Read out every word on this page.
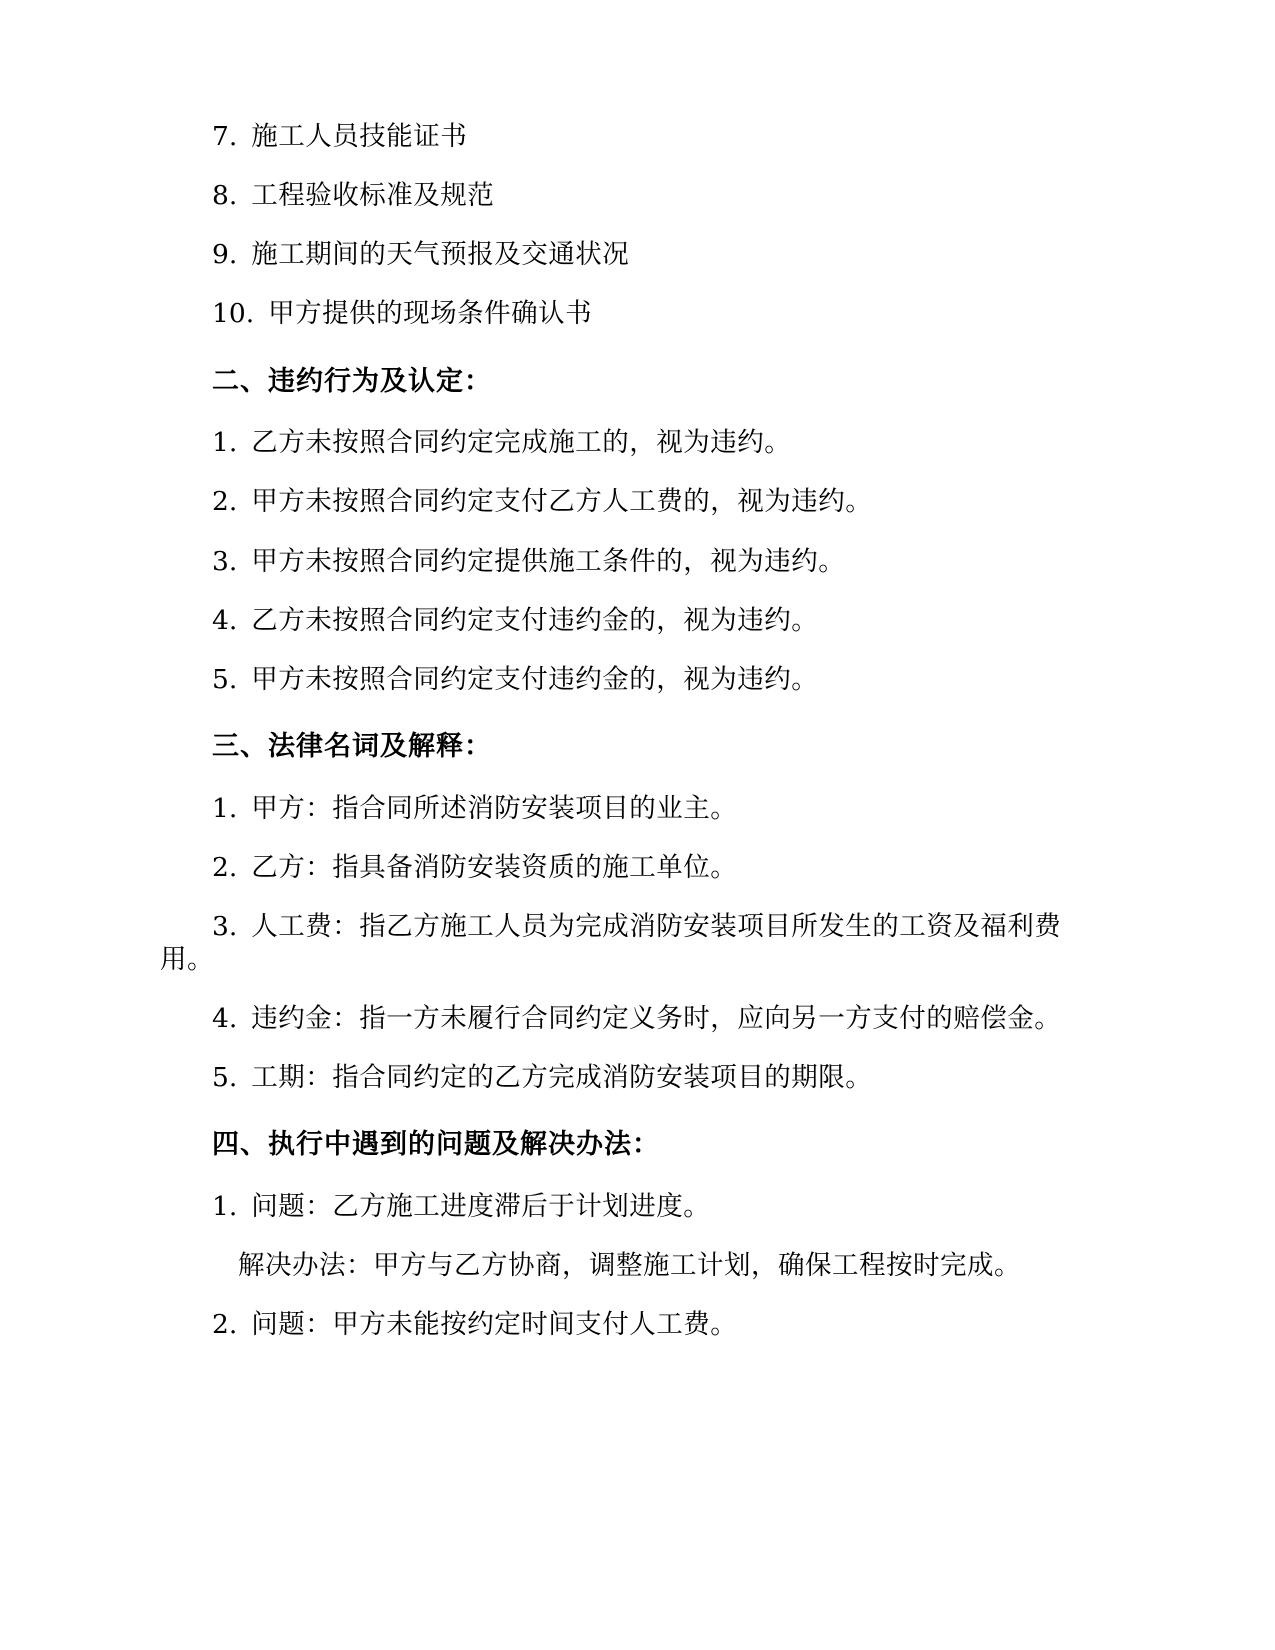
7. 施工人员技能证书

8. 工程验收标准及规范

9. 施工期间的天气预报及交通状况

10. 甲方提供的现场条件确认书

二、违约行为及认定：

1. 乙方未按照合同约定完成施工的，视为违约。

2. 甲方未按照合同约定支付乙方人工费的，视为违约。

3. 甲方未按照合同约定提供施工条件的，视为违约。

4. 乙方未按照合同约定支付违约金的，视为违约。

5. 甲方未按照合同约定支付违约金的，视为违约。

三、法律名词及解释：

1. 甲方：指合同所述消防安装项目的业主。

2. 乙方：指具备消防安装资质的施工单位。

3. 人工费：指乙方施工人员为完成消防安装项目所发生的工资及福利费用。

4. 违约金：指一方未履行合同约定义务时，应向另一方支付的赔偿金。

5. 工期：指合同约定的乙方完成消防安装项目的期限。

四、执行中遇到的问题及解决办法：

1. 问题：乙方施工进度滞后于计划进度。

解决办法：甲方与乙方协商，调整施工计划，确保工程按时完成。

2. 问题：甲方未能按约定时间支付人工费。
